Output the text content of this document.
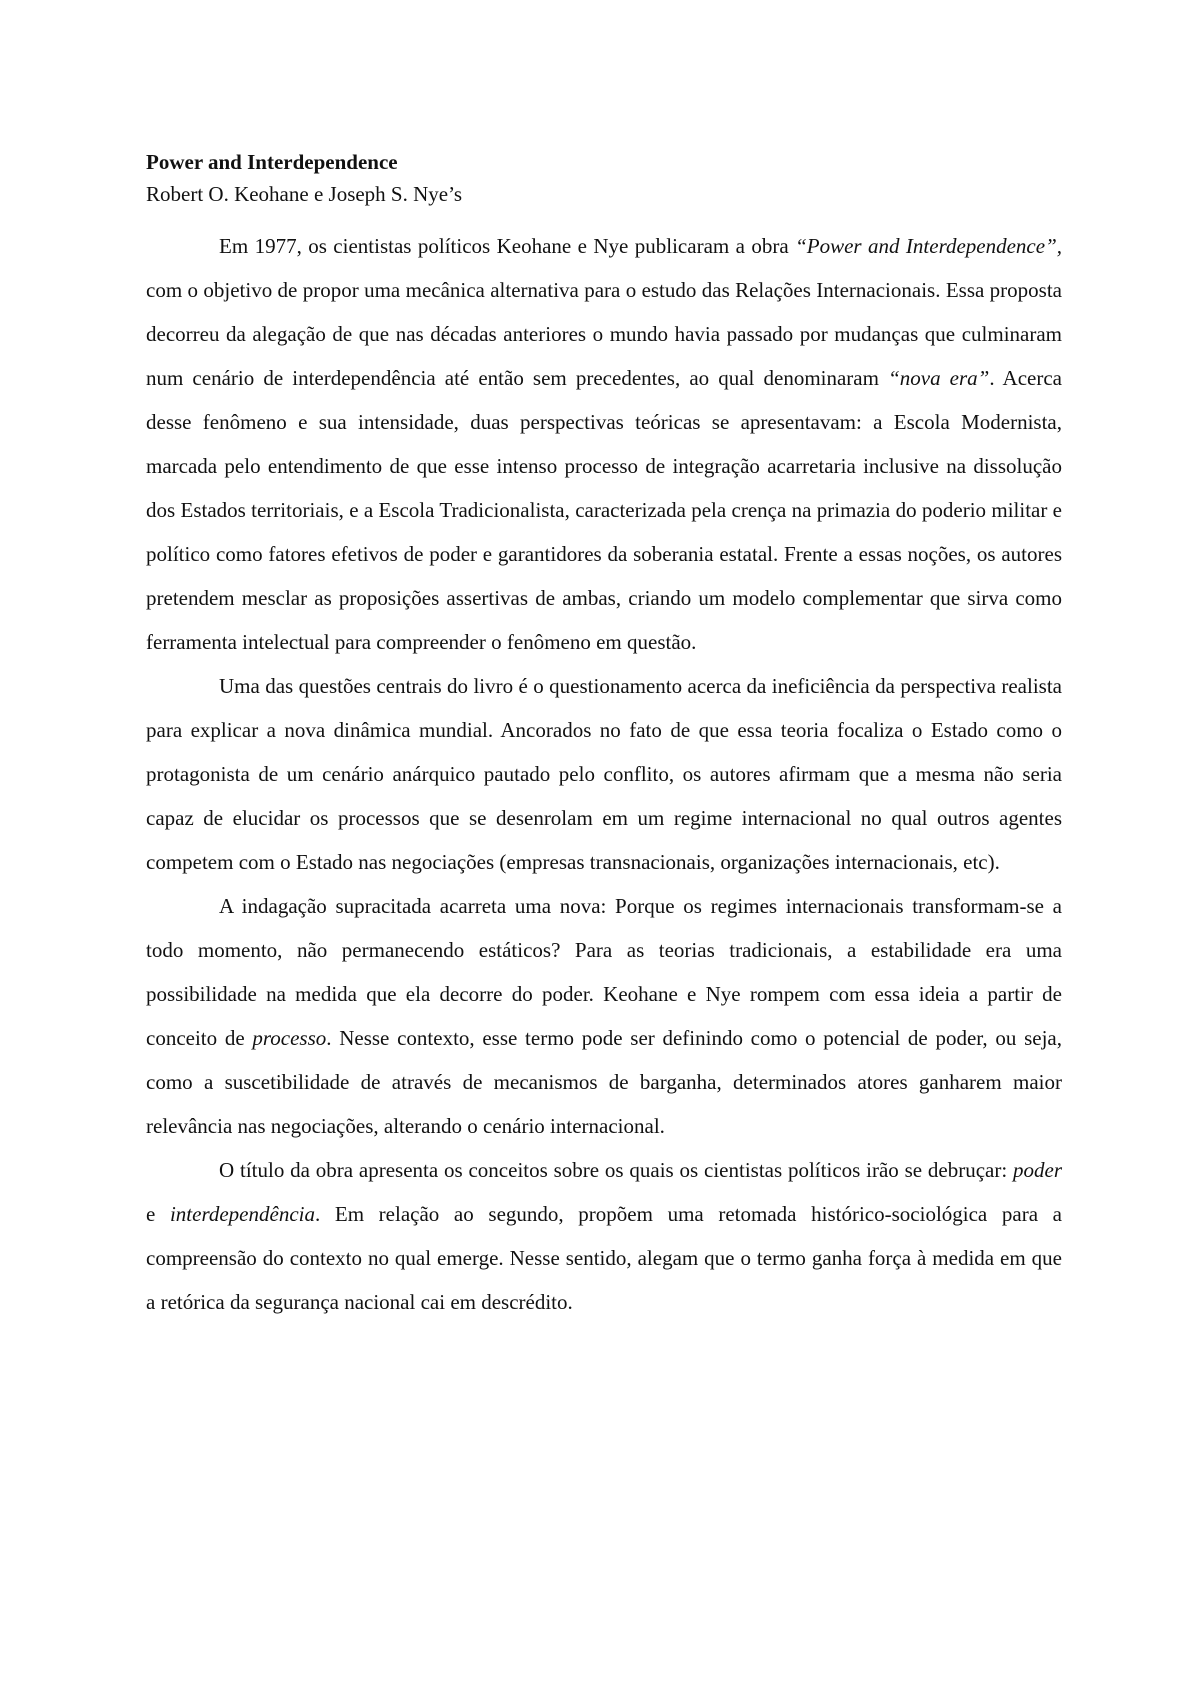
Power and Interdependence

Robert O. Keohane e Joseph S. Nye’s

Em 1977, os cientistas políticos Keohane e Nye publicaram a obra “Power and Interdependence”, com o objetivo de propor uma mecânica alternativa para o estudo das Relações Internacionais. Essa proposta decorreu da alegação de que nas décadas anteriores o mundo havia passado por mudanças que culminaram num cenário de interdependência até então sem precedentes, ao qual denominaram “nova era”. Acerca desse fenômeno e sua intensidade, duas perspectivas teóricas se apresentavam: a Escola Modernista, marcada pelo entendimento de que esse intenso processo de integração acarretaria inclusive na dissolução dos Estados territoriais, e a Escola Tradicionalista, caracterizada pela crença na primazia do poderio militar e político como fatores efetivos de poder e garantidores da soberania estatal. Frente a essas noções, os autores pretendem mesclar as proposições assertivas de ambas, criando um modelo complementar que sirva como ferramenta intelectual para compreender o fenômeno em questão.

Uma das questões centrais do livro é o questionamento acerca da ineficiência da perspectiva realista para explicar a nova dinâmica mundial. Ancorados no fato de que essa teoria focaliza o Estado como o protagonista de um cenário anárquico pautado pelo conflito, os autores afirmam que a mesma não seria capaz de elucidar os processos que se desenrolam em um regime internacional no qual outros agentes competem com o Estado nas negociações (empresas transnacionais, organizações internacionais, etc).

A indagação supracitada acarreta uma nova: Porque os regimes internacionais transformam-se a todo momento, não permanecendo estáticos? Para as teorias tradicionais, a estabilidade era uma possibilidade na medida que ela decorre do poder. Keohane e Nye rompem com essa ideia a partir de conceito de processo. Nesse contexto, esse termo pode ser definindo como o potencial de poder, ou seja, como a suscetibilidade de através de mecanismos de barganha, determinados atores ganharem maior relevância nas negociações, alterando o cenário internacional.

O título da obra apresenta os conceitos sobre os quais os cientistas políticos irão se debruçar: poder e interdependência. Em relação ao segundo, propõem uma retomada histórico-sociológica para a compreensão do contexto no qual emerge. Nesse sentido, alegam que o termo ganha força à medida em que a retórica da segurança nacional cai em descrédito.
